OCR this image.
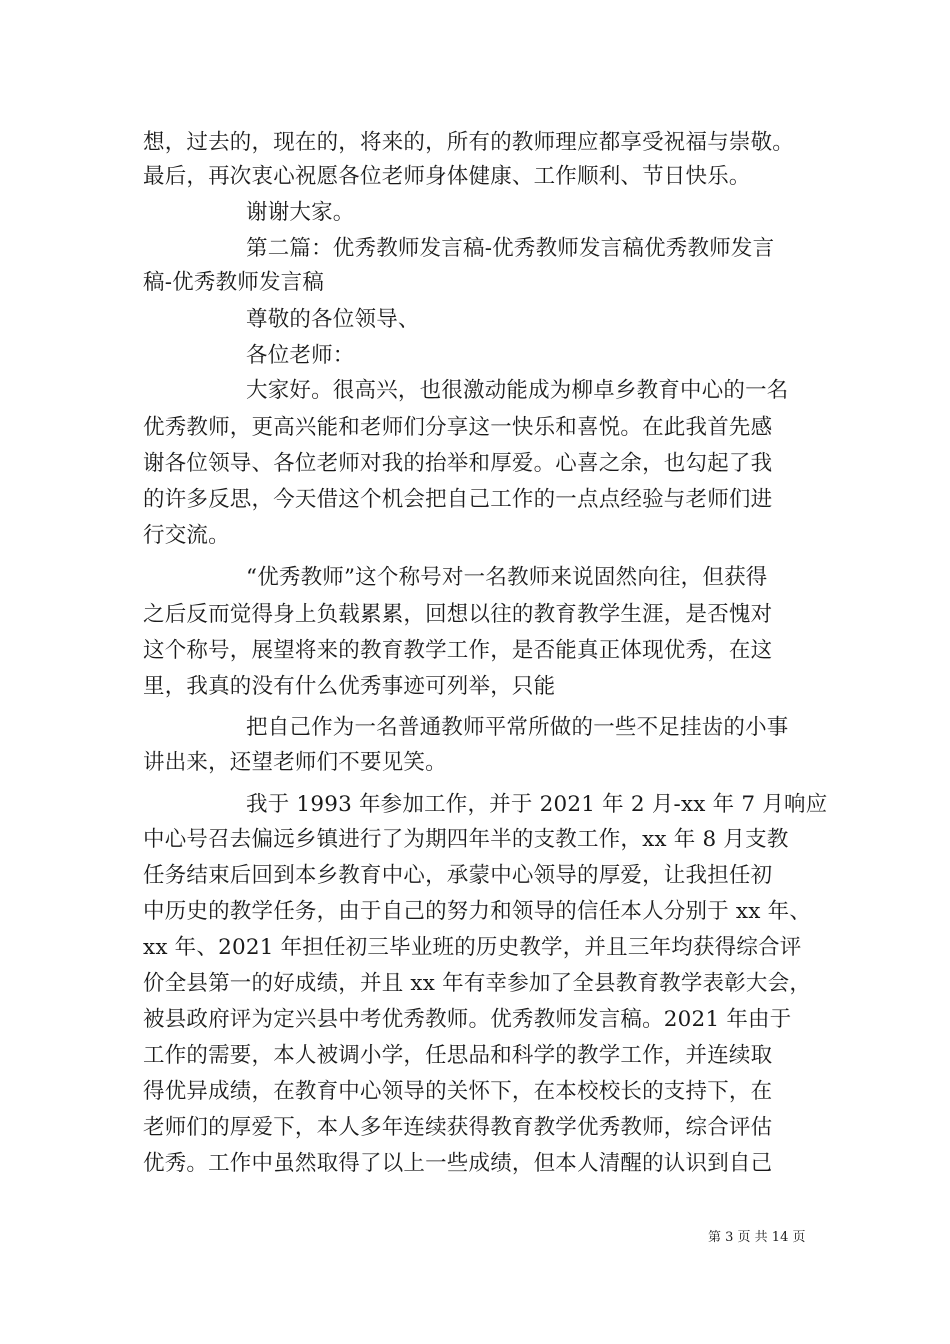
想，过去的，现在的，将来的，所有的教师理应都享受祝福与崇敬。
最后，再次衷心祝愿各位老师身体健康、工作顺利、节日快乐。
谢谢大家。
第二篇：优秀教师发言稿-优秀教师发言稿优秀教师发言
稿-优秀教师发言稿
尊敬的各位领导、
各位老师：
大家好。很高兴，也很激动能成为柳卓乡教育中心的一名
优秀教师，更高兴能和老师们分享这一快乐和喜悦。在此我首先感
谢各位领导、各位老师对我的抬举和厚爱。心喜之余，也勾起了我
的许多反思，今天借这个机会把自己工作的一点点经验与老师们进
行交流。
“优秀教师”这个称号对一名教师来说固然向往，但获得
之后反而觉得身上负载累累，回想以往的教育教学生涯，是否愧对
这个称号，展望将来的教育教学工作，是否能真正体现优秀，在这
里，我真的没有什么优秀事迹可列举，只能
把自己作为一名普通教师平常所做的一些不足挂齿的小事
讲出来，还望老师们不要见笑。
我于 1993 年参加工作，并于 2021 年 2 月-xx 年 7 月响应
中心号召去偏远乡镇进行了为期四年半的支教工作，xx 年 8 月支教
任务结束后回到本乡教育中心，承蒙中心领导的厚爱，让我担任初
中历史的教学任务，由于自己的努力和领导的信任本人分别于 xx 年、
xx 年、2021 年担任初三毕业班的历史教学，并且三年均获得综合评
价全县第一的好成绩，并且 xx 年有幸参加了全县教育教学表彰大会，
被县政府评为定兴县中考优秀教师。优秀教师发言稿。2021 年由于
工作的需要，本人被调小学，任思品和科学的教学工作，并连续取
得优异成绩，在教育中心领导的关怀下，在本校校长的支持下，在
老师们的厚爱下，本人多年连续获得教育教学优秀教师，综合评估
优秀。工作中虽然取得了以上一些成绩，但本人清醒的认识到自己
第 3 页 共 14 页
